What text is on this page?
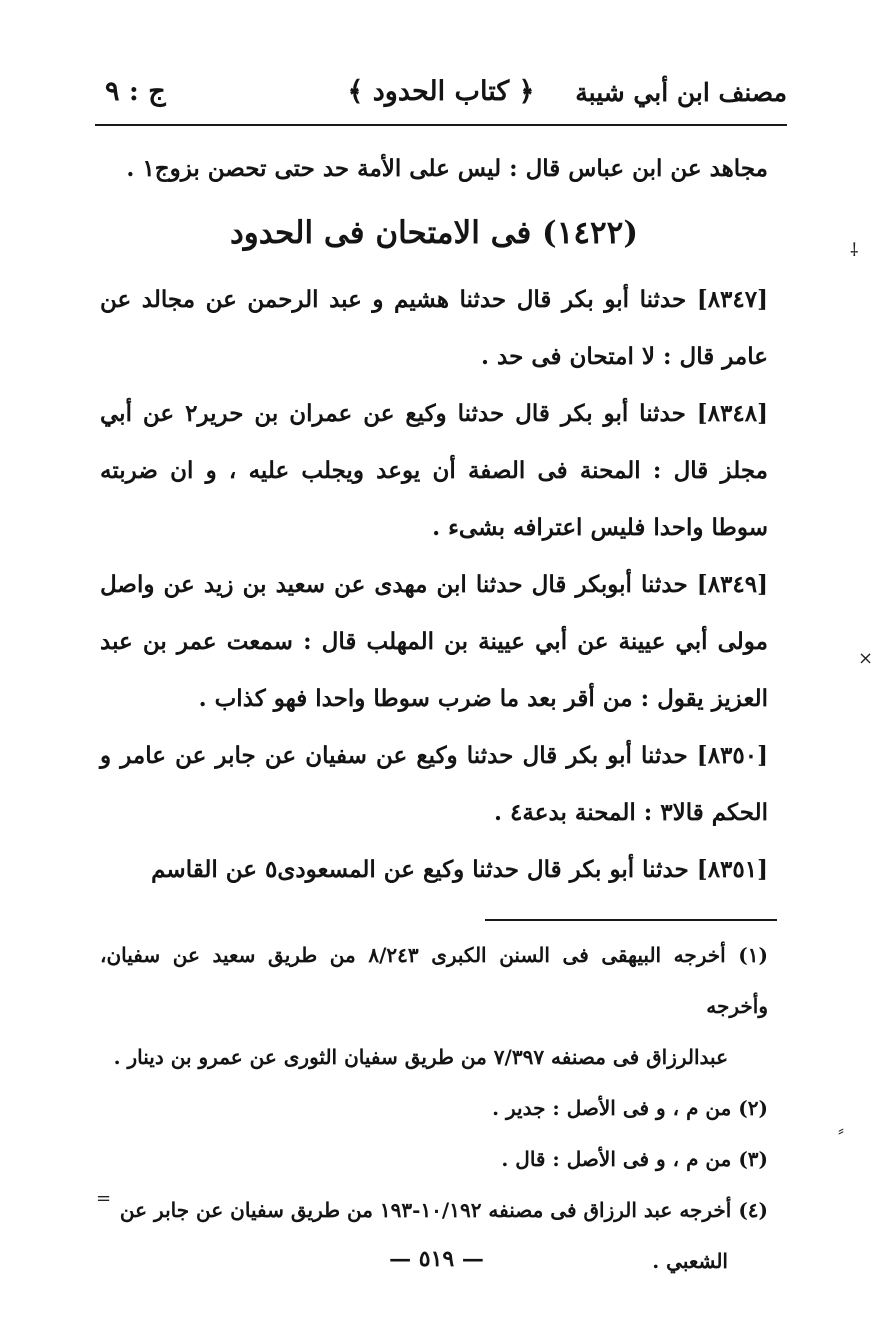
مصنف ابن أبي شيبة
﴿ كتاب الحدود ﴾
ج : ٩

مجاهد عن ابن عباس قال : ليس على الأمة حد حتى تحصن بزوج١ .

(١٤٢٢) فى الامتحان فى الحدود

[٨٣٤٧] حدثنا أبو بكر قال حدثنا هشيم و عبد الرحمن عن مجالد عن عامر قال : لا امتحان فى حد .

[٨٣٤٨] حدثنا أبو بكر قال حدثنا وكيع عن عمران بن حرير٢ عن أبي مجلز قال : المحنة فى الصفة أن يوعد ويجلب عليه ، و ان ضربته سوطا واحدا فليس اعترافه بشىء .

[٨٣٤٩] حدثنا أبوبكر قال حدثنا ابن مهدى عن سعيد بن زيد عن واصل مولى أبي عيينة عن أبي عيينة بن المهلب قال : سمعت عمر بن عبد العزيز يقول : من أقر بعد ما ضرب سوطا واحدا فهو كذاب .

[٨٣٥٠] حدثنا أبو بكر قال حدثنا وكيع عن سفيان عن جابر عن عامر و الحكم قالا٣ : المحنة بدعة٤ .

[٨٣٥١] حدثنا أبو بكر قال حدثنا وكيع عن المسعودى٥ عن القاسم

(١) أخرجه البيهقى فى السنن الكبرى ٨/٢٤٣ من طريق سعيد عن سفيان، وأخرجه

عبدالرزاق فى مصنفه ٧/٣٩٧ من طريق سفيان الثورى عن عمرو بن دينار .

(٢) من م ، و فى الأصل : جدير .

(٣) من م ، و فى الأصل : قال .

(٤) أخرجه عبد الرزاق فى مصنفه ١٠/١٩٢-١٩٣ من طريق سفيان عن جابر عن

الشعبي .

— ٥١٩ —
⸸
×
⸗
=
